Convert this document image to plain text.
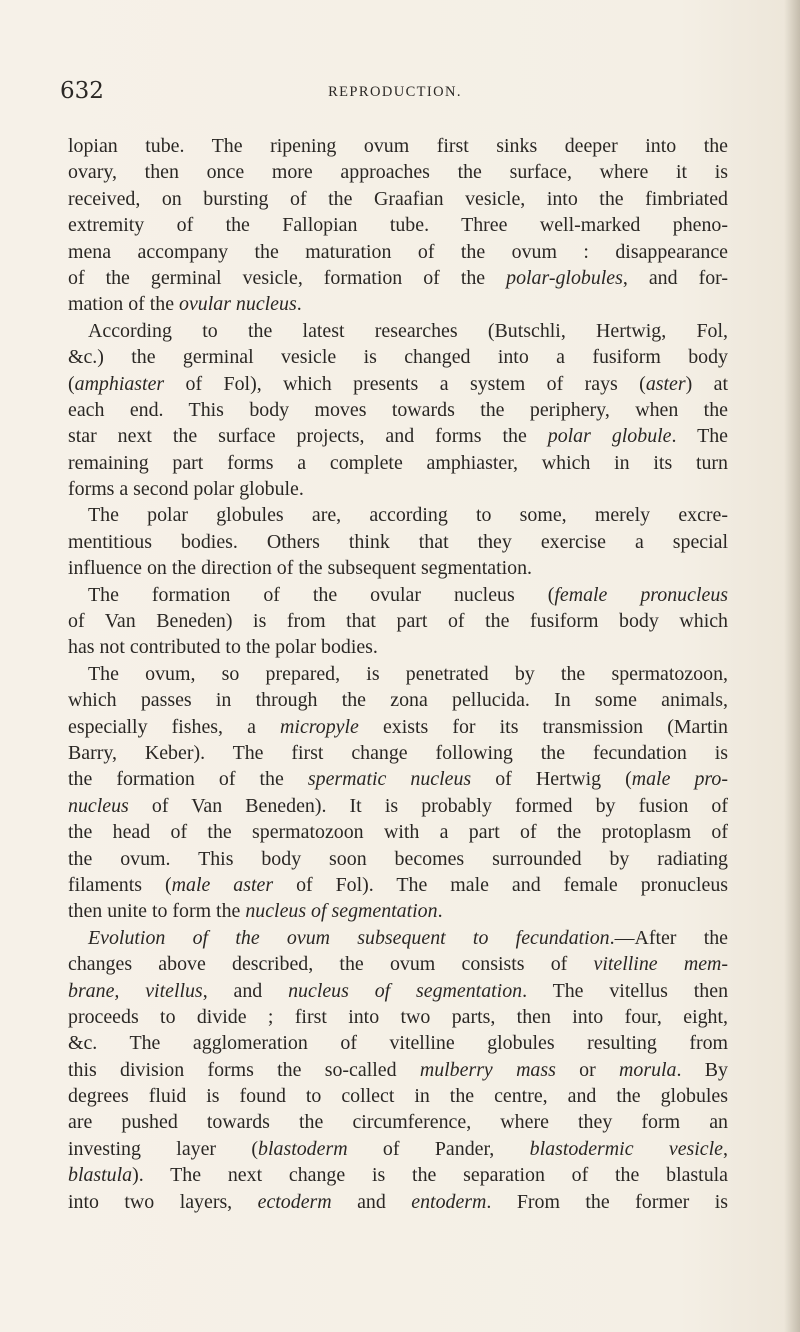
632	REPRODUCTION.
lopian tube. The ripening ovum first sinks deeper into the
ovary, then once more approaches the surface, where it is
received, on bursting of the Graafian vesicle, into the fimbriated
extremity of the Fallopian tube. Three well-marked pheno-
mena accompany the maturation of the ovum : disappearance
of the germinal vesicle, formation of the polar-globules, and for-
mation of the ovular nucleus.
According to the latest researches (Butschli, Hertwig, Fol,
&c.) the germinal vesicle is changed into a fusiform body
(amphiaster of Fol), which presents a system of rays (aster) at
each end. This body moves towards the periphery, when the
star next the surface projects, and forms the polar globule. The
remaining part forms a complete amphiaster, which in its turn
forms a second polar globule.
The polar globules are, according to some, merely excre-
mentitious bodies. Others think that they exercise a special
influence on the direction of the subsequent segmentation.
The formation of the ovular nucleus (female pronucleus
of Van Beneden) is from that part of the fusiform body which
has not contributed to the polar bodies.
The ovum, so prepared, is penetrated by the spermatozoon,
which passes in through the zona pellucida. In some animals,
especially fishes, a micropyle exists for its transmission (Martin
Barry, Keber). The first change following the fecundation is
the formation of the spermatic nucleus of Hertwig (male pro-
nucleus of Van Beneden). It is probably formed by fusion of
the head of the spermatozoon with a part of the protoplasm of
the ovum. This body soon becomes surrounded by radiating
filaments (male aster of Fol). The male and female pronucleus
then unite to form the nucleus of segmentation.
Evolution of the ovum subsequent to fecundation.—After the
changes above described, the ovum consists of vitelline mem-
brane, vitellus, and nucleus of segmentation. The vitellus then
proceeds to divide ; first into two parts, then into four, eight,
&c. The agglomeration of vitelline globules resulting from
this division forms the so-called mulberry mass or morula. By
degrees fluid is found to collect in the centre, and the globules
are pushed towards the circumference, where they form an
investing layer (blastoderm of Pander, blastodermic vesicle,
blastula). The next change is the separation of the blastula
into two layers, ectoderm and entoderm. From the former is
